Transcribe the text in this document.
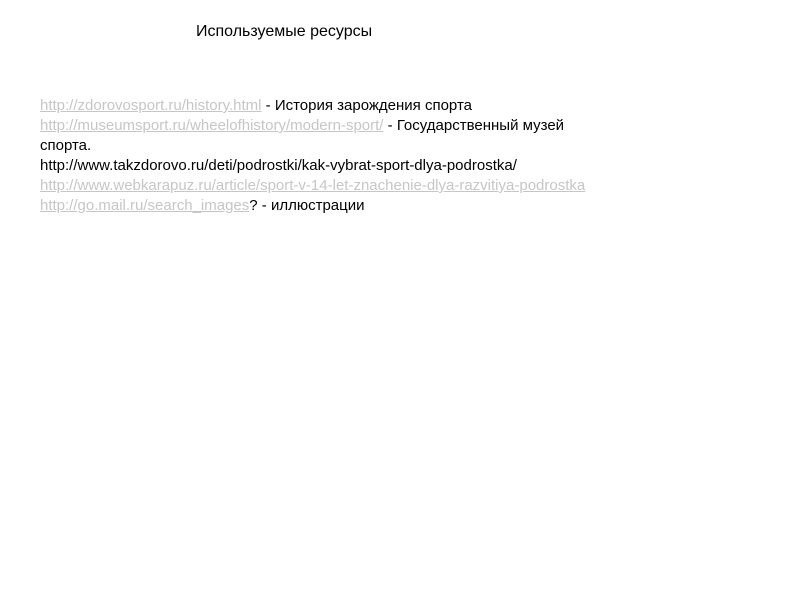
Используемые ресурсы
http://zdorovosport.ru/history.html - История зарождения спорта
http://museumsport.ru/wheelofhistory/modern-sport/ - Государственный музей
спорта.
http://www.takzdorovo.ru/deti/podrostki/kak-vybrat-sport-dlya-podrostka/
http://www.webkarapuz.ru/article/sport-v-14-let-znachenie-dlya-razvitiya-podrostka
http://go.mail.ru/search_images? - иллюстрации
